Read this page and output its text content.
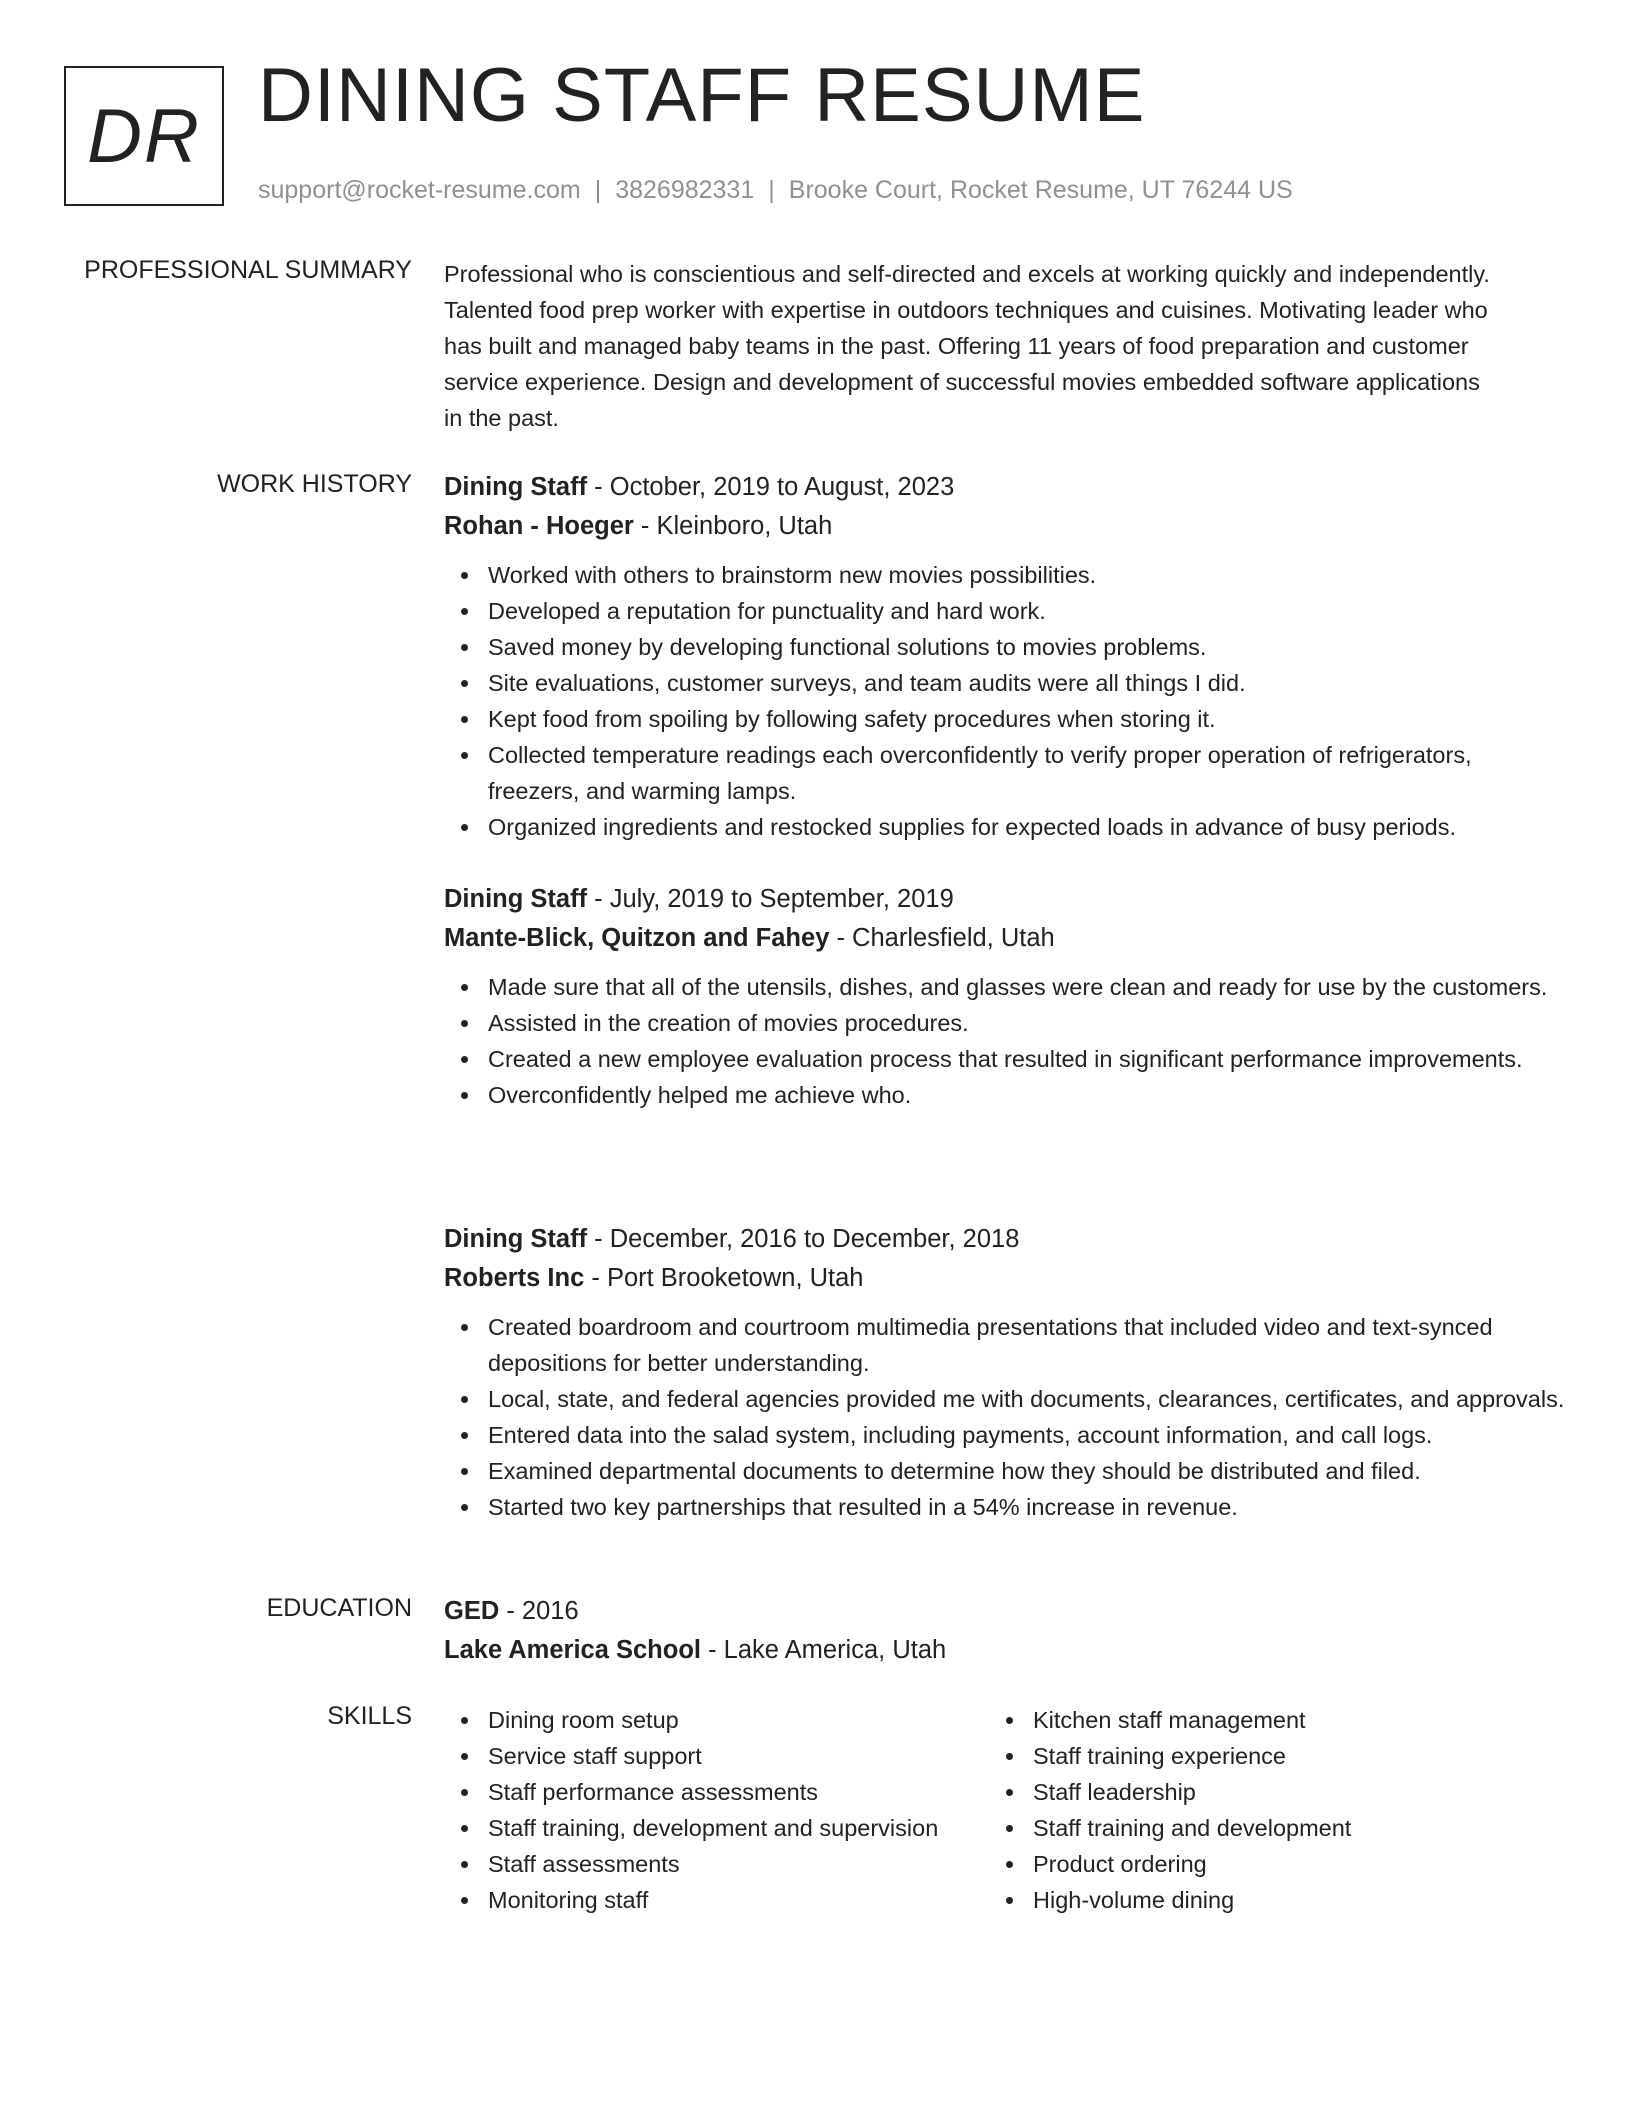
DR DINING STAFF RESUME
support@rocket-resume.com | 3826982331 | Brooke Court, Rocket Resume, UT 76244 US
PROFESSIONAL SUMMARY Professional who is conscientious and self-directed and excels at working quickly and independently.
Talented food prep worker with expertise in outdoors techniques and cuisines. Motivating leader who
has built and managed baby teams in the past. Offering 11 years of food preparation and customer
service experience. Design and development of successful movies embedded software applications
in the past.
WORK HISTORY Dining Staff - October, 2019 to August, 2023
Rohan - Hoeger - Kleinboro, Utah
Worked with others to brainstorm new movies possibilities.
Developed a reputation for punctuality and hard work.
Saved money by developing functional solutions to movies problems.
Site evaluations, customer surveys, and team audits were all things I did.
Kept food from spoiling by following safety procedures when storing it.
Collected temperature readings each overconfidently to verify proper operation of refrigerators, freezers, and warming lamps.
Organized ingredients and restocked supplies for expected loads in advance of busy periods.
Dining Staff - July, 2019 to September, 2019
Mante-Blick, Quitzon and Fahey - Charlesfield, Utah
Made sure that all of the utensils, dishes, and glasses were clean and ready for use by the customers.
Assisted in the creation of movies procedures.
Created a new employee evaluation process that resulted in significant performance improvements.
Overconfidently helped me achieve who.
Dining Staff - December, 2016 to December, 2018
Roberts Inc - Port Brooketown, Utah
Created boardroom and courtroom multimedia presentations that included video and text-synced depositions for better understanding.
Local, state, and federal agencies provided me with documents, clearances, certificates, and approvals.
Entered data into the salad system, including payments, account information, and call logs.
Examined departmental documents to determine how they should be distributed and filed.
Started two key partnerships that resulted in a 54% increase in revenue.
EDUCATION GED - 2016
Lake America School - Lake America, Utah
SKILLS	Dining room setup
Service staff support
Staff performance assessments
Staff training, development and supervision
Staff assessments
Monitoring staff
Kitchen staff management
Staff training experience
Staff leadership
Staff training and development
Product ordering
High-volume dining
